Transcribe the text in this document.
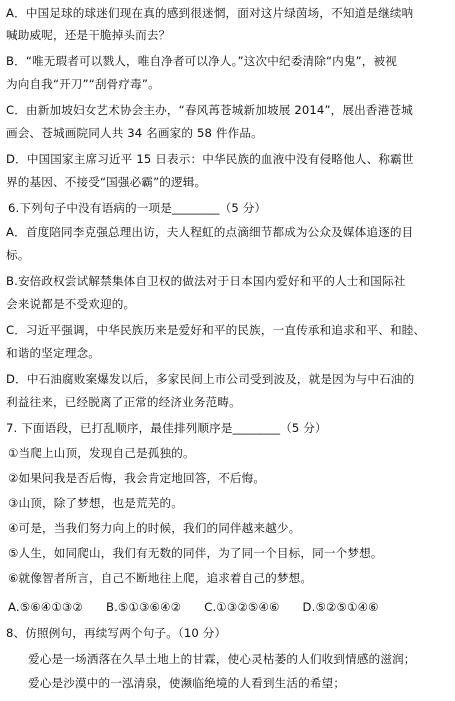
A．中国足球的球迷们现在真的感到很迷惘，面对这片绿茵场，不知道是继续呐
喊助威呢，还是干脆掉头而去？
B．“唯无瑕者可以戮人，唯自净者可以净人。”这次中纪委清除“内鬼”，被视
为向自我“开刀”“刮骨疗毒”。
C．由新加坡妇女艺术协会主办，“春风苒苍城新加坡展 2014”，展出香港苍城
画会、苍城画院同人共 34 名画家的 58 件作品。
D．中国国家主席习近平 15 日表示：中华民族的血液中没有侵略他人、称霸世
界的基因、不接受“国强必霸”的逻辑。
6.下列句子中没有语病的一项是________（5 分）
A．首度陪同李克强总理出访，夫人程虹的点滴细节都成为公众及媒体追逐的目
标。
B.安倍政权尝试解禁集体自卫权的做法对于日本国内爱好和平的人士和国际社
会来说都是不受欢迎的。
C．习近平强调，中华民族历来是爱好和平的民族，一直传承和追求和平、和睦、
和谐的坚定理念。
D．中石油腐败案爆发以后，多家民间上市公司受到波及，就是因为与中石油的
利益往来，已经脱离了正常的经济业务范畴。
7. 下面语段，已打乱顺序，最佳排列顺序是________（5 分）
①当爬上山顶，发现自己是孤独的。
②如果问我是否后悔，我会肯定地回答，不后悔。
③山顶，除了梦想，也是荒芜的。
④可是，当我们努力向上的时候，我们的同伴越来越少。
⑤人生，如同爬山，我们有无数的同伴，为了同一个目标，同一个梦想。
⑥就像智者所言，自己不断地往上爬，追求着自己的梦想。
A.⑤⑥④①③②      B.⑤①③⑥④②      C.①③②⑤④⑥      D.⑤②⑤①④⑥
8、仿照例句，再续写两个句子。（10 分）
爱心是一场洒落在久旱土地上的甘霖，使心灵枯萎的人们收到情感的滋润；
爱心是沙漠中的一泓清泉，使濒临绝境的人看到生活的希望；
